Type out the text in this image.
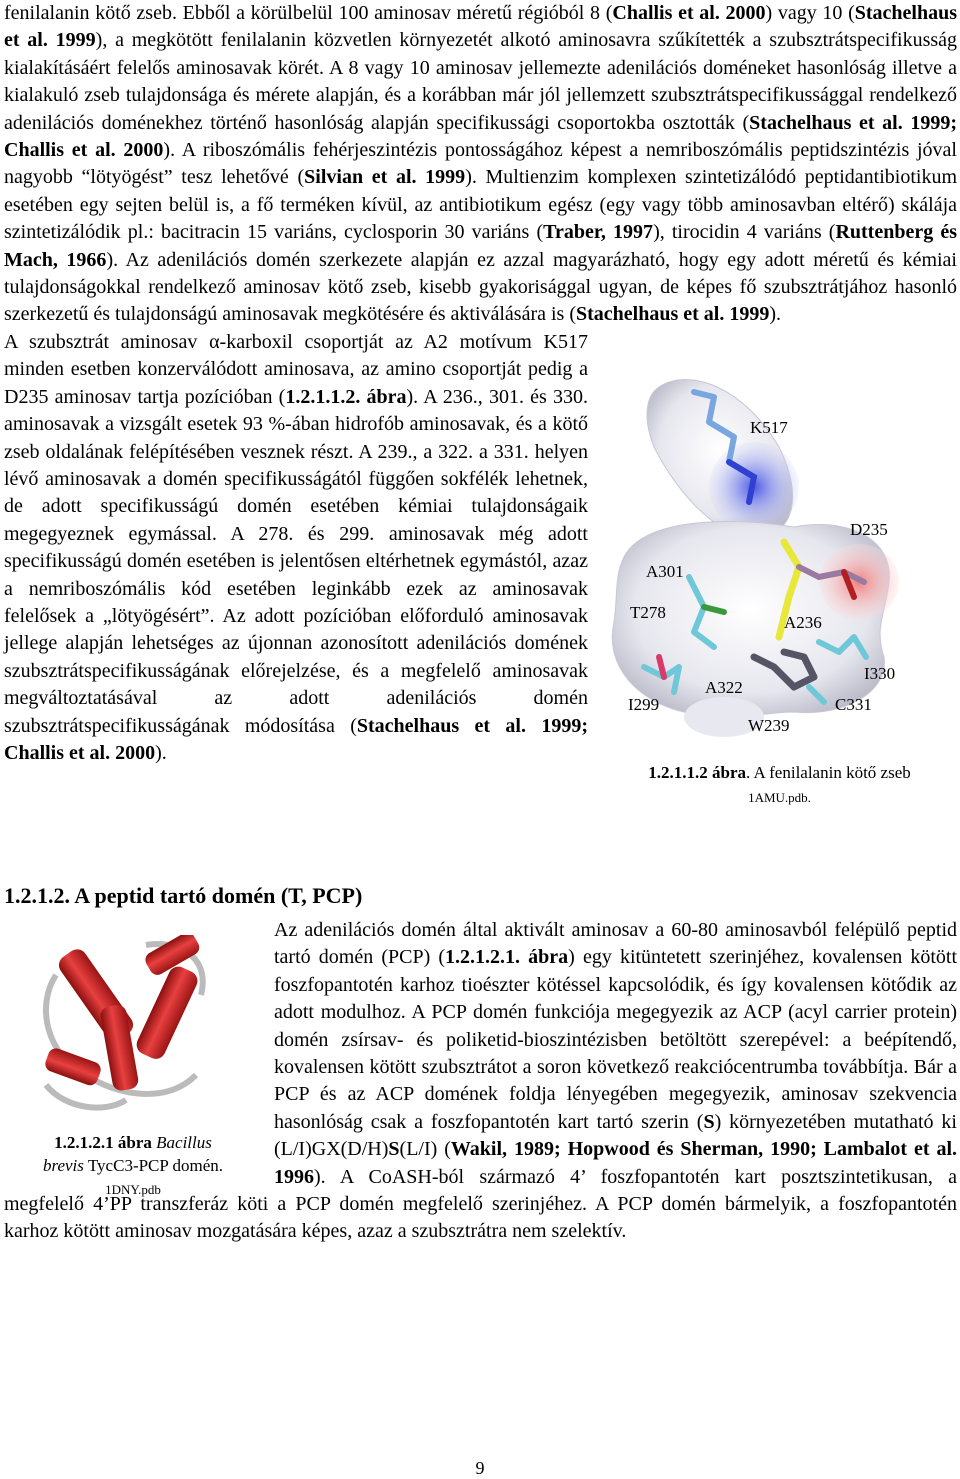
fenilalanin kötő zseb. Ebből a körülbelül 100 aminosav méretű régióból 8 (Challis et al. 2000) vagy 10 (Stachelhaus et al. 1999), a megkötött fenilalanin közvetlen környezetét alkotó aminosavra szűkítették a szubsztrátspecifikusság kialakításáért felelős aminosavak körét. A 8 vagy 10 aminosav jellemezte adenilációs doméneket hasonlóság illetve a kialakuló zseb tulajdonsága és mérete alapján, és a korábban már jól jellemzett szubsztrátspecifikussággal rendelkező adenilációs doménekhez történő hasonlóság alapján specifikussági csoportokba osztották (Stachelhaus et al. 1999; Challis et al. 2000). A riboszómális fehérjeszintézis pontosságához képest a nemriboszómális peptidszintézis jóval nagyobb “lötyögést” tesz lehetővé (Silvian et al. 1999). Multienzim komplexen szintetizálódó peptidantibiotikum esetében egy sejten belül is, a fő terméken kívül, az antibiotikum egész (egy vagy több aminosavban eltérő) skálája szintetizálódik pl.: bacitracin 15 variáns, cyclosporin 30 variáns (Traber, 1997), tirocidin 4 variáns (Ruttenberg és Mach, 1966). Az adenilációs domén szerkezete alapján ez azzal magyarázható, hogy egy adott méretű és kémiai tulajdonságokkal rendelkező aminosav kötő zseb, kisebb gyakorisággal ugyan, de képes fő szubsztrátjához hasonló szerkezetű és tulajdonságú aminosavak megkötésére és aktiválására is (Stachelhaus et al. 1999).

K517
D235
A301
T278
A236
I330
A322
I299	C331
W239
1.2.1.1.2 ábra. A fenilalanin kötő zseb
1AMU.pdb.

A szubsztrát aminosav α-karboxil csoportját az A2 motívum K517 minden esetben konzerválódott aminosava, az amino csoportját pedig a D235 aminosav tartja pozícióban (1.2.1.1.2. ábra). A 236., 301. és 330. aminosavak a vizsgált esetek 93 %-ában hidrofób aminosavak, és a kötő zseb oldalának felépítésében vesznek részt. A 239., a 322. a 331. helyen lévő aminosavak a domén specifikusságától függően sokfélék lehetnek, de adott specifikusságú domén esetében kémiai tulajdonságaik megegyeznek egymással. A 278. és 299. aminosavak még adott specifikusságú domén esetében is jelentősen eltérhetnek egymástól, azaz a nemriboszómális kód esetében leginkább ezek az aminosavak felelősek a „lötyögésért”. Az adott pozícióban előforduló aminosavak jellege alapján lehetséges az újonnan azonosított adenilációs domének szubsztrátspecifikusságának előrejelzése, és a megfelelő aminosavak megváltoztatásával az adott adenilációs domén szubsztrátspecifikusságának módosítása (Stachelhaus et al. 1999; Challis et al. 2000).

1.2.1.2. A peptid tartó domén (T, PCP)
1.2.1.2.1 ábra Bacillus
brevis TycC3-PCP domén.
1DNY.pdb
Az adenilációs domén által aktivált aminosav a 60-80 aminosavból felépülő peptid tartó domén (PCP) (1.2.1.2.1. ábra) egy kitüntetett szerinjéhez, kovalensen kötött foszfopantotén karhoz tioészter kötéssel kapcsolódik, és így kovalensen kötődik az adott modulhoz. A PCP domén funkciója megegyezik az ACP (acyl carrier protein) domén zsírsav- és poliketid-bioszintézisben betöltött szerepével: a beépítendő, kovalensen kötött szubsztrátot a soron következő reakciócentrumba továbbítja. Bár a PCP és az ACP domének foldja lényegében megegyezik, aminosav szekvencia hasonlóság csak a foszfopantotén kart tartó szerin (S) környezetében mutatható ki (L/I)GX(D/H)S(L/I) (Wakil, 1989; Hopwood és Sherman, 1990; Lambalot et al. 1996). A CoASH-ból származó 4’ foszfopantotén kart posztszintetikusan, a megfelelő 4’PP transzferáz köti a PCP domén megfelelő szerinjéhez. A PCP domén bármelyik, a foszfopantotén karhoz kötött aminosav mozgatására képes, azaz a szubsztrátra nem szelektív.
9
